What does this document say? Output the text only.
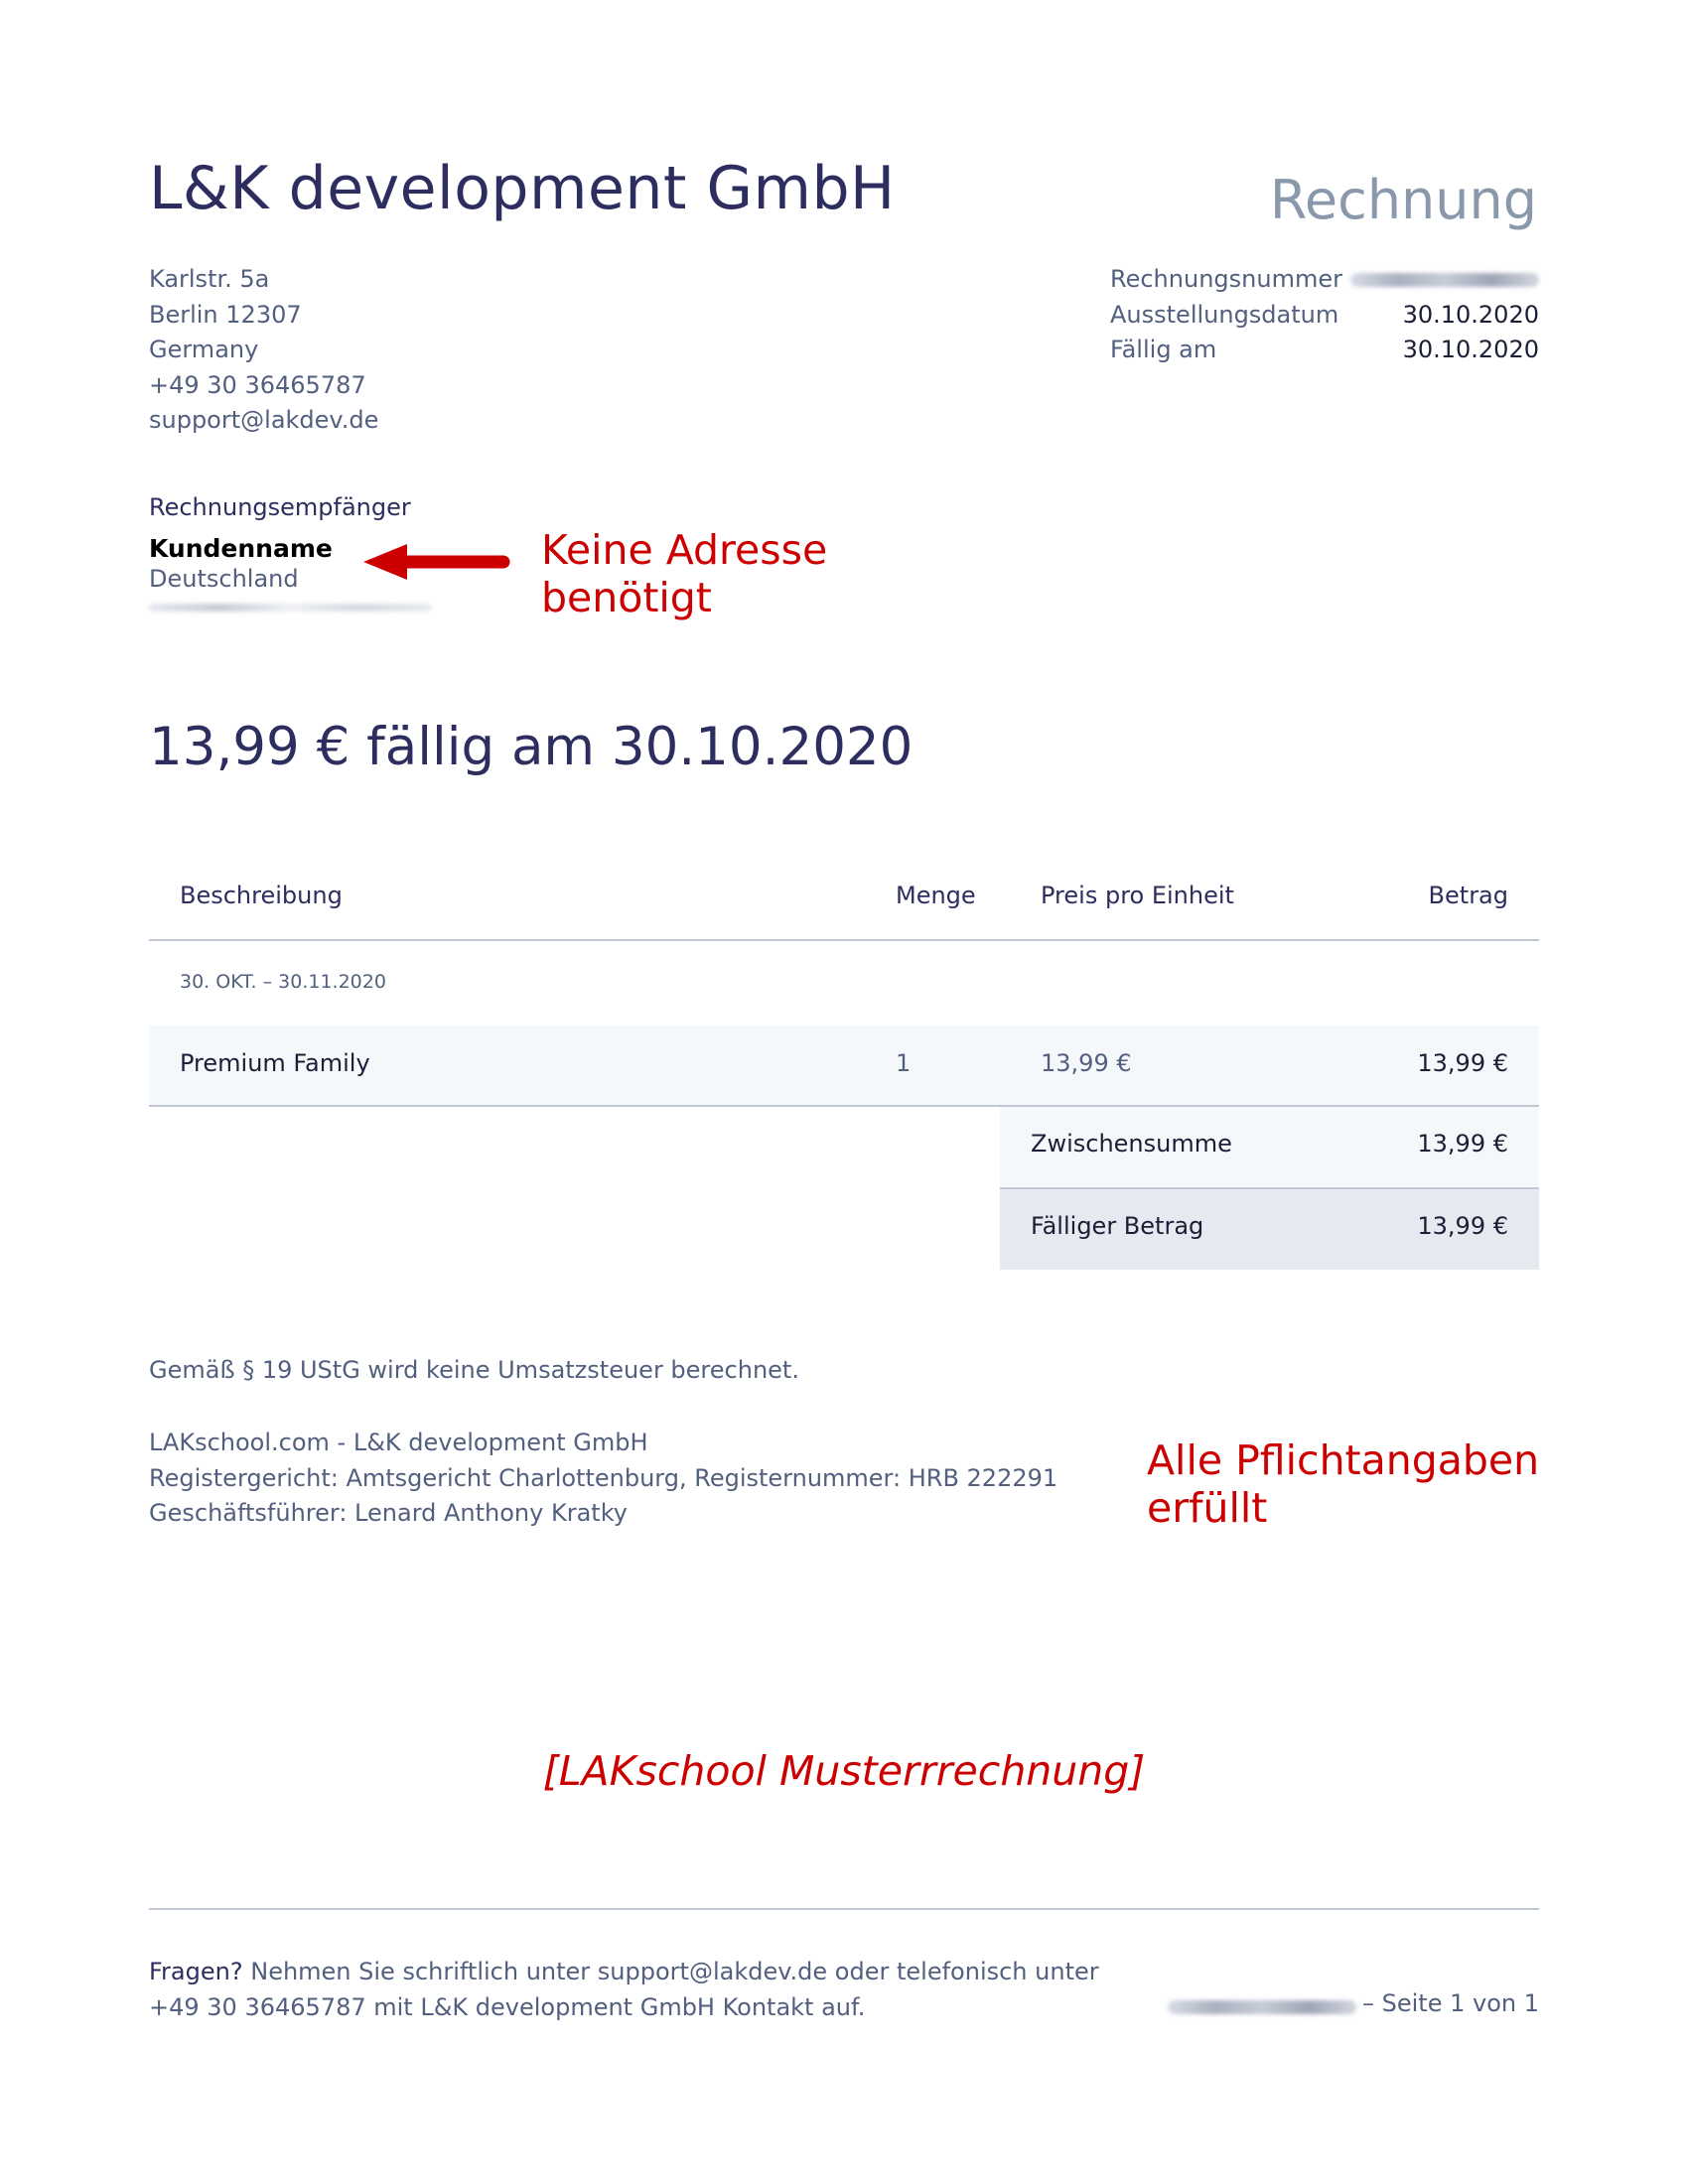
L&K development GmbH	Rechnung
Karlstr. 5a
Berlin 12307
Germany
+49 30 36465787
support@lakdev.de
Rechnungsnummer
Ausstellungsdatum	30.10.2020
Fällig am	30.10.2020
Rechnungsempfänger
Kundenname
Deutschland
Keine Adresse
benötigt
13,99 € fällig am 30.10.2020
Beschreibung	Menge	Preis pro Einheit	Betrag
30. OKT. – 30.11.2020
Premium Family	1	13,99 €	13,99 €
Zwischensumme	13,99 €
Fälliger Betrag	13,99 €
Gemäß § 19 UStG wird keine Umsatzsteuer berechnet.
LAKschool.com - L&K development GmbH
Registergericht: Amtsgericht Charlottenburg, Registernummer: HRB 222291
Geschäftsführer: Lenard Anthony Kratky
Alle Pflichtangaben
erfüllt
[LAKschool Musterrrechnung]
Fragen? Nehmen Sie schriftlich unter support@lakdev.de oder telefonisch unter
+49 30 36465787 mit L&K development GmbH Kontakt auf.	– Seite 1 von 1
